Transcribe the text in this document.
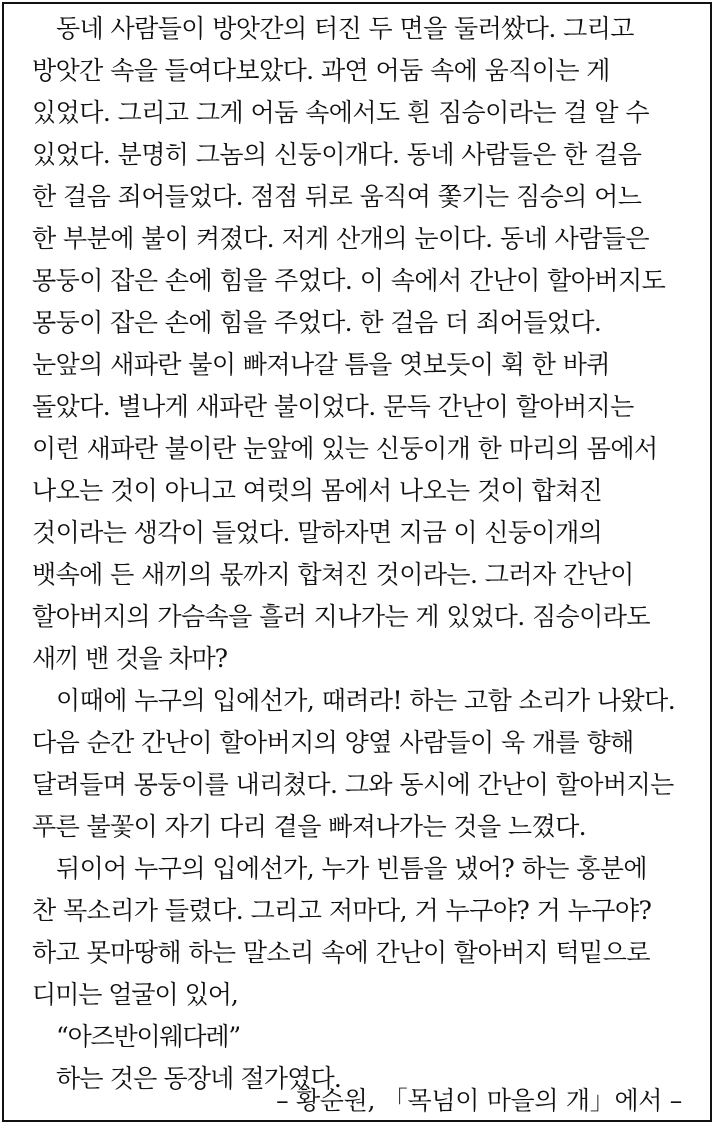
동네 사람들이 방앗간의 터진 두 면을 둘러쌌다. 그리고
방앗간 속을 들여다보았다. 과연 어둠 속에 움직이는 게
있었다. 그리고 그게 어둠 속에서도 흰 짐승이라는 걸 알 수
있었다. 분명히 그놈의 신둥이개다. 동네 사람들은 한 걸음
한 걸음 죄어들었다. 점점 뒤로 움직여 쫓기는 짐승의 어느
한 부분에 불이 켜졌다. 저게 산개의 눈이다. 동네 사람들은
몽둥이 잡은 손에 힘을 주었다. 이 속에서 간난이 할아버지도
몽둥이 잡은 손에 힘을 주었다. 한 걸음 더 죄어들었다.
눈앞의 새파란 불이 빠져나갈 틈을 엿보듯이 휙 한 바퀴
돌았다. 별나게 새파란 불이었다. 문득 간난이 할아버지는
이런 새파란 불이란 눈앞에 있는 신둥이개 한 마리의 몸에서
나오는 것이 아니고 여럿의 몸에서 나오는 것이 합쳐진
것이라는 생각이 들었다. 말하자면 지금 이 신둥이개의
뱃속에 든 새끼의 몫까지 합쳐진 것이라는. 그러자 간난이
할아버지의 가슴속을 흘러 지나가는 게 있었다. 짐승이라도
새끼 밴 것을 차마?
이때에 누구의 입에선가, 때려라! 하는 고함 소리가 나왔다.
다음 순간 간난이 할아버지의 양옆 사람들이 욱 개를 향해
달려들며 몽둥이를 내리쳤다. 그와 동시에 간난이 할아버지는
푸른 불꽃이 자기 다리 곁을 빠져나가는 것을 느꼈다.
뒤이어 누구의 입에선가, 누가 빈틈을 냈어? 하는 홍분에
찬 목소리가 들렸다. 그리고 저마다, 거 누구야? 거 누구야?
하고 못마땅해 하는 말소리 속에 간난이 할아버지 턱밑으로
디미는 얼굴이 있어,
“아즈반이웨다레”
하는 것은 동장네 절가였다.
– 황순원, 「목넘이 마을의 개」에서 –
